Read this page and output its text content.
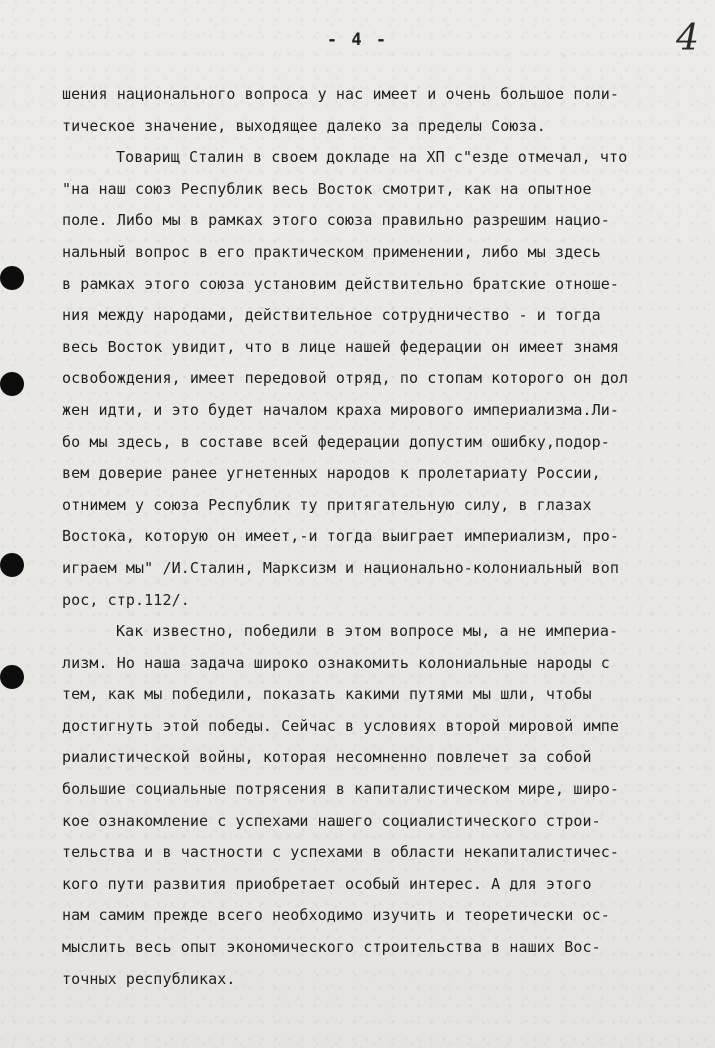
- 4 -	4
шения национального вопроса у нас имеет и очень большое поли-
тическое значение, выходящее далеко за пределы Союза.
Товарищ Сталин в своем докладе на ХП с"езде отмечал, что
"на наш союз Республик весь Восток смотрит, как на опытное
поле. Либо мы в рамках этого союза правильно разрешим нацио-
нальный вопрос в его практическом применении, либо мы здесь
в рамках этого союза установим действительно братские отноше-
ния между народами, действительное сотрудничество - и тогда
весь Восток увидит, что в лице нашей федерации он имеет знамя
освобождения, имеет передовой отряд, по стопам которого он дол
жен идти, и это будет началом краха мирового империализма.Ли-
бо мы здесь, в составе всей федерации допустим ошибку,подор-
вем доверие ранее угнетенных народов к пролетариату России,
отнимем у союза Республик ту притягательную силу, в глазах
Востока, которую он имеет,-и тогда выиграет империализм, про-
играем мы" /И.Сталин, Марксизм и национально-колониальный воп
рос, стр.112/.
Как известно, победили в этом вопросе мы, а не империа-
лизм. Но наша задача широко ознакомить колониальные народы с
тем, как мы победили, показать какими путями мы шли, чтобы
достигнуть этой победы. Сейчас в условиях второй мировой импе
риалистической войны, которая несомненно повлечет за собой
большие социальные потрясения в капиталистическом мире, широ-
кое ознакомление с успехами нашего социалистического строи-
тельства и в частности с успехами в области некапиталистичес-
кого пути развития приобретает особый интерес. А для этого
нам самим прежде всего необходимо изучить и теоретически ос-
мыслить весь опыт экономического строительства в наших Вос-
точных республиках.
